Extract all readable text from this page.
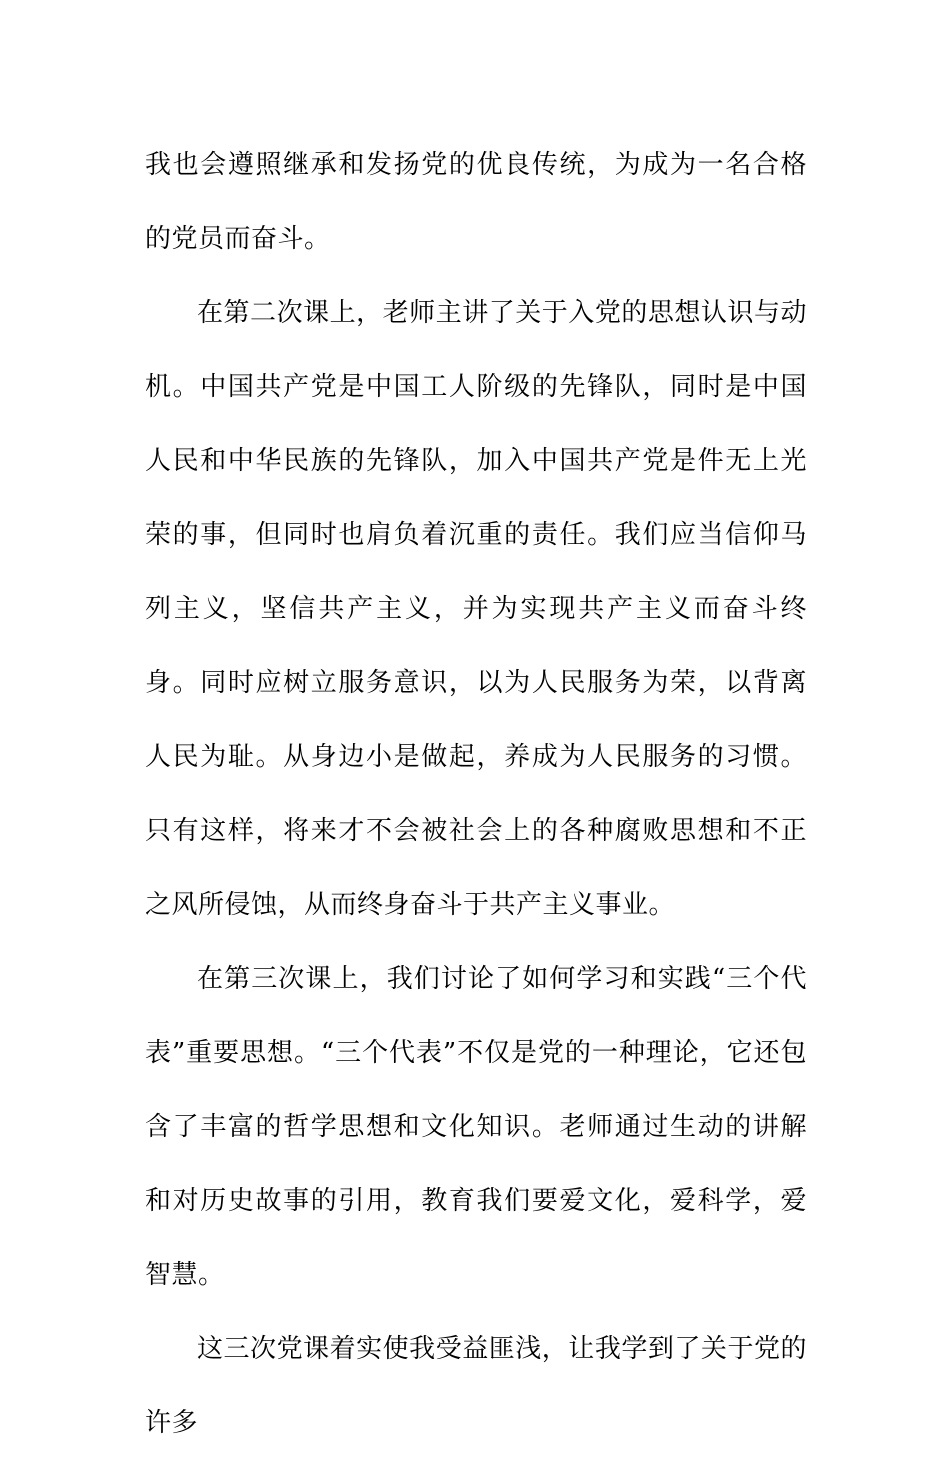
我也会遵照继承和发扬党的优良传统，为成为一名合格的党员而奋斗。

在第二次课上，老师主讲了关于入党的思想认识与动机。中国共产党是中国工人阶级的先锋队，同时是中国人民和中华民族的先锋队，加入中国共产党是件无上光荣的事，但同时也肩负着沉重的责任。我们应当信仰马列主义，坚信共产主义，并为实现共产主义而奋斗终身。同时应树立服务意识，以为人民服务为荣，以背离人民为耻。从身边小是做起，养成为人民服务的习惯。只有这样，将来才不会被社会上的各种腐败思想和不正之风所侵蚀，从而终身奋斗于共产主义事业。

在第三次课上，我们讨论了如何学习和实践“三个代表”重要思想。“三个代表”不仅是党的一种理论，它还包含了丰富的哲学思想和文化知识。老师通过生动的讲解和对历史故事的引用，教育我们要爱文化，爱科学，爱智慧。

这三次党课着实使我受益匪浅，让我学到了关于党的许多
